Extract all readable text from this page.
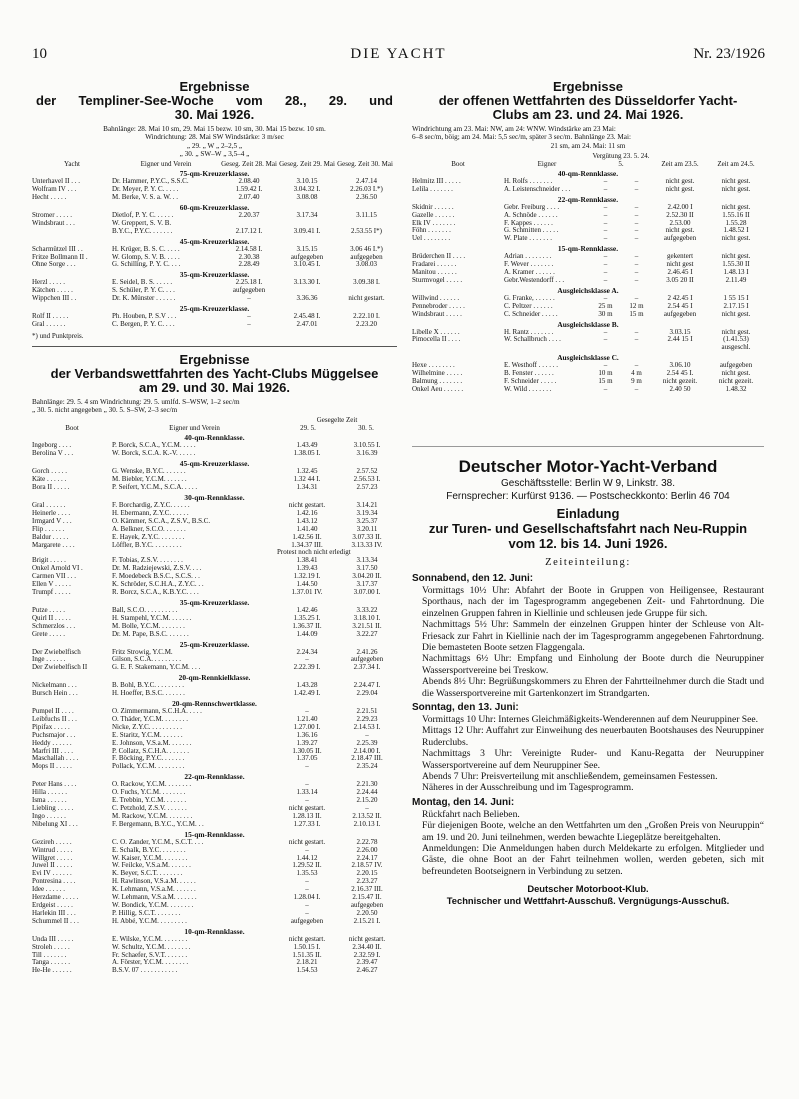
10	DIE YACHT	Nr. 23/1926
Ergebnisse
der Templiner-See-Woche vom 28., 29. und
30. Mai 1926.
Bahnlänge: 28. Mai 10 sm, 29. Mai 15 bezw. 10 sm, 30. Mai 15 bezw. 10 sm.
Windrichtung: 28. Mai SW Windstärke: 3 m/sec
„ 29. „ W „ 2–2,5 „
„ 30. „ SW–W „ 3,5–4 „
Yacht	Eigner und Verein	Geseg. Zeit 28. Mai Geseg. Zeit 29. Mai Geseg. Zeit 30. Mai
75-qm-Kreuzerklasse.
Unterhavel II . . .	Dr. Hammer, P.Y.C., S.S.C.	2.08.40	3.10.15	2.47.14
Wolfram IV . . .	Dr. Meyer, P. Y. C. . . . .	1.59.42 I.	3.04.32 I.	2.26.03 I.*)
Hecht . . . . .	M. Berke, V. S. a. W. . .	2.07.40	3.08.08	2.36.50
60-qm-Kreuzerklasse.
Stromer . . . . .	Dietlof, P. Y. C. . . . . .	2.20.37	3.17.34	3.11.15
Windsbraut . . .	W. Greppert, S. V. B.
B.Y.C., P.Y.C. . . . . . .	2.17.12 I.	3.09.41 I.	2.53.55 I*)
45-qm-Kreuzerklasse.
Scharmützel III . .	H. Krüger, B. S. C. . . . .	2.14.58 I.	3.15.15	3.06 46 I.*)
Fritze Bollmann II .	W. Glomp, S. V. B. . . . .	2.30.38	aufgegeben	aufgegeben
Ohne Sorge . . .	G. Schilling, P. Y. C. . . .	2.28.49	3.10.45 I.	3.08.03
35-qm-Kreuzerklasse.
Herzl . . . . .	E. Seidel, B. S. . . . . .	2.25.18 I.	3.13.30 I.	3.09.38 I.
Kätchen . . . . .	S. Schüler, P. Y. C. . . .	aufgegeben
Wippchen III . .	Dr. K. Münster . . . . . .	–	3.36.36	nicht gestart.
25-qm-Kreuzerklasse.
Rolf II . . . . .	Ph. Houben, P. S.V . . .	–	2.45.48 I.	2.22.10 I.
Gral . . . . . .	C. Bergen, P. Y. C. . . .	–	2.47.01	2.23.20
*) und Punktpreis.
Ergebnisse
der Verbandswettfahrten des Yacht-Clubs Müggelsee
am 29. und 30. Mai 1926.
Bahnlänge: 29. 5. 4 sm Windrichtung: 29. 5. umlfd. S–WSW, 1–2 sec/m
„ 30. 5. nicht angegeben „ 30. 5. S–SW, 2–3 sec/m
Boot	Eigner und Verein
Gesegelte Zeit
29. 5.	30. 5.
40-qm-Rennklasse.
Ingeborg . . . .	P. Borck, S.C.A., Y.C.M. . . . .	1.43.49	3.10.55 I.
Berolina V . . .	W. Borck, S.C.A. K.-V. . . . . .	1.38.05 I.	3.16.39
45-qm-Kreuzerklasse.
Gorch . . . . .	G. Wenske, B.Y.C. . . . . . .	1.32.45	2.57.52
Käte . . . . . .	M. Biebler, Y.C.M. . . . . . .	1.32 44 I.	2.56.53 I.
Bora II . . . . .	P. Seifert, Y.C.M., S.C.A. . . . .	1.34.31	2.57.23
30-qm-Rennklasse.
Gral . . . . . .	F. Borchardig, Z.Y.C. . . . . .	nicht gestart.	3.14.21
Heinerle . . . .	H. Ebermann, Z.Y.C. . . . . .	1.42.16	3.19.34
Irmgard V . . .	O. Kämmer, S.C.A., Z.S.V., B.S.C.	1.43.12	3.25.37
Flip . . . . . .	A. Belkner, S.C.O. . . . . . .	1.41.40	3.20.11
Baldur . . . . .	E. Hayek, Z.Y.C. . . . . . . .	1.42.56 II.	3.07.33 II.
Margarete . . . .	Löffler, B.Y.C. . . . . . . . .	1.34.37 III.	3.13.33 IV.
Protest noch nicht erledigt
Brigit . . . . .	F. Tobias, Z.S.V. . . . . . . .	1.38.41	3.13.34
Onkel Arnold VI .	Dr. M. Radziejewski, Z.S.V. . . .	1.39.43	3.17.50
Carmen VII . . .	F. Moedebeck B.S.C., S.C.S. . .	1.32.19 I.	3.04.20 II.
Ellen V . . . . .	K. Schröder, S.C.H.A., Z.Y.C. . .	1.44.50	3.17.37
Trumpf . . . . .	R. Borcz, S.C.A., K.B.Y.C. . . .	1.37.01 IV.	3.07.00 I.
35-qm-Kreuzerklasse.
Putze . . . . .	Ball, S.C.O. . . . . . . . . .	1.42.46	3.33.22
Quirl II . . . . .	H. Stampehl, Y.C.M. . . . . . .	1.35.25 I.	3.18.10 I.
Schmerzlos . . .	M. Bolle, Y.C.M. . . . . . . .	1.36.37 II.	3.21.51 II.
Grete . . . . .	Dr. M. Pape, B.S.C. . . . . . .	1.44.09	3.22.27
25-qm-Kreuzerklasse.
Der Zwiebelfisch	Fritz Strowig, Y.C.M.	2.24.34	2.41.26
Inge . . . . . .	Gilson, S.C.A. . . . . . . . .	–	aufgegeben
Der Zwiebelfisch II	G. E. F. Stakemann, Y.C.M. . . .	2.22.39 I.	2.37.34 I.
20-qm-Rennkielklasse.
Nickelmann . . .	B. Bohl, B.Y.C. . . . . . . . .	1.43.28	2.24.47 I.
Bursch Hein . . .	H. Hoeffer, B.S.C. . . . . . .	1.42.49 I.	2.29.04
20-qm-Rennschwertklasse.
Pumpel II . . . .	O. Zimmermann, S.C.H.A. . . . .	–	2.21.51
Leibfuchs II . . .	O. Thäder, Y.C.M. . . . . . . .	1.21.40	2.29.23
Pipifax . . . . .	Nicke, Z.Y.C. . . . . . . . . .	1.27.00 I.	2.14.53 I.
Puchsmajor . . .	E. Staritz, Y.C.M. . . . . . .	1.36.16	–
Heddy . . . . . .	E. Johnson, V.S.a.M. . . . . . .	1.39.27	2.25.39
Marfri III . . . .	P. Collatz, S.C.H.A. . . . . . .	1.30.05 II.	2.14.00 I.
Maschallah . . . .	F. Böcking, P.Y.C. . . . . . .	1.37.05	2.18.47 III.
Mops II . . . . .	Pollack, Y.C.M. . . . . . . . .	–	2.35.24
22-qm-Rennklasse.
Peter Hans . . . .	O. Rackow, Y.C.M. . . . . . . .	–	2.21.30
Hilla . . . . . .	O. Fuchs, Y.C.M. . . . . . . .	1.33.14	2.24.44
Isma . . . . . .	E. Trebbin, Y.C.M. . . . . . .	–	2.15.20
Liebling . . . . .	C. Petzhold, Z.S.V. . . . . . .	nicht gestart.	–
Ingo . . . . . .	M. Rackow, Y.C.M. . . . . . . .	1.28.13 II.	2.13.52 II.
Nibelung XI . . .	F. Bergemann, B.Y.C., Y.C.M. . .	1.27.33 I.	2.10.13 I.
15-qm-Rennklasse.
Gezireh . . . . .	C. O. Zander, Y.C.M., S.C.T. . . .	nicht gestart.	2.22.78
Wintrud . . . . .	E. Schalk, B.Y.C. . . . . . . .	–	2.26.00
Willgret . . . . .	W. Kaiser, Y.C.M. . . . . . . .	1.44.12	2.24.17
Juwel II . . . . .	W. Feilcke, V.S.a.M. . . . . . .	1.29.52 II.	2.18.57 IV.
Evi IV . . . . . .	K. Beyer, S.C.T. . . . . . . .	1.35.53	2.20.15
Pontresina . . . .	H. Rawlinson, V.S.a.M. . . . . .	–	2.23.27
Idee . . . . . .	K. Lehmann, V.S.a.M. . . . . . .	–	2.16.37 III.
Herzdame . . . . .	W. Lehmann, V.S.a.M. . . . . . .	1.28.04 I.	2.15.47 II.
Erdgeist . . . . .	W. Bondick, Y.C.M. . . . . . . .	–	aufgegeben
Harlekin III . . .	P. Hillig, S.C.T. . . . . . . .	–	2.20.50
Schummel II . . .	H. Abbé, Y.C.M. . . . . . . . .	aufgegeben	2.15.21 I.
10-qm-Rennklasse.
Unda III . . . . .	E. Wilske, Y.C.M. . . . . . . .	nicht gestart.	nicht gestart.
Stroleh . . . . .	W. Schultz, Y.C.M. . . . . . . .	1.50.15 I.	2.34.40 II.
Till . . . . . . .	Fr. Schaefer, S.V.T. . . . . . .	1.51.35 II.	2.32.59 I.
Tanga . . . . . .	A. Förster, Y.C.M. . . . . . . .	2.18.21	2.39.47
He-He . . . . . .	B.S.V. 07 . . . . . . . . . . .	1.54.53	2.46.27
Ergebnisse
der offenen Wettfahrten des Düsseldorfer Yacht-
Clubs am 23. und 24. Mai 1926.
Windrichtung am 23. Mai: NW, am 24: WNW. Windstärke am 23 Mai:
6–8 sec/m, böig; am 24. Mai: 5,5 sec/m, später 3 sec/m. Bahnlänge 23. Mai:
21 sm, am 24. Mai: 11 sm
Boot	Eigner
Vergütung 23. 5. 24. 5.	Zeit am 23.5.	Zeit am 24.5.
40-qm-Rennklasse.
Helmitz III . . . . .	H. Rolfs . . . . . . .	–	–	nicht gest.	nicht gest.
Lelila . . . . . . .	A. Leistenschneider . . .	–	–	nicht gest.	nicht gest.
22-qm-Rennklasse.
Skidnir . . . . . .	Gebr. Freiburg . . . .	–	–	2.42.00 I	nicht gest.
Gazelle . . . . . .	A. Schnöde . . . . . .	–	–	2.52.30 II	1.55.16 II
Elk IV . . . . . . .	F. Kappes . . . . . .	–	–	2.53.00	1.55.28
Föhn . . . . . . .	G. Schmitten . . . . .	–	–	nicht gest.	1.48.52 I
Uel . . . . . . . .	W. Plate . . . . . . .	–	–	aufgegeben	nicht gest.
15-qm-Rennklasse.
Brüderchen II . . . .	Adrian . . . . . . . .	–	–	gekentert	nicht gest.
Fradarei . . . . . .	F. Wever . . . . . . .	–	–	nicht gest	1.55.30 II
Manitou . . . . . .	A. Kramer . . . . . .	–	–	2.46.45 I	1.48.13 I
Sturmvogel . . . . .	Gebr.Westendorff . . .	–	–	3.05 20 II	2.11.49
Ausgleichsklasse A.
Willwind . . . . . .	G. Franke, . . . . . .	–	–	2 42.45 I	1 55 15 I
Pennebroder . . . . .	C. Peltzer . . . . . .	25 m	12 m	2.54 45 I	2.17.15 I
Windsbraut . . . . .	C. Schneider . . . . .	30 m	15 m	aufgegeben	nicht gest.
Ausgleichsklasse B.
Libelle X . . . . . .	H. Rantz . . . . . . .	–	–	3.03.15	nicht gest.
Pimocella II . . . .	W. Schallbruch . . . .	–	–	2.44 15 I	(1.41.53)
ausgeschl.
Ausgleichsklasse C.
Hexe . . . . . . . .	E. Westhoff . . . . . .	–	–	3.06.10	aufgegeben
Wilhelmine . . . . .	B. Fenster . . . . . .	10 m	4 m	2.54 45 I.	nicht gest.
Balmung . . . . . . .	F. Schneider . . . . .	15 m	9 m	nicht gezeit.	nicht gezeit.
Onkel Aeu . . . . . .	W. Wild . . . . . . .	–	–	2.40 50	1.48.32
Deutscher Motor-Yacht-Verband
Geschäftsstelle: Berlin W 9, Linkstr. 38.
Fernsprecher: Kurfürst 9136. — Postscheckkonto: Berlin 46 704
Einladung
zur Turen- und Gesellschaftsfahrt nach Neu-Ruppin
vom 12. bis 14. Juni 1926.
Zeiteinteilung:
Sonnabend, den 12. Juni:
Vormittags 10½ Uhr: Abfahrt der Boote in Gruppen von Heiligensee, Restaurant Sporthaus, nach der im Tagesprogramm angegebenen Zeit- und Fahrtordnung. Die einzelnen Gruppen fahren in Kiellinie und schleusen jede Gruppe für sich.
Nachmittags 5½ Uhr: Sammeln der einzelnen Gruppen hinter der Schleuse von Alt-Friesack zur Fahrt in Kiellinie nach der im Tagesprogramm angegebenen Fahrtordnung. Die bemasteten Boote setzen Flaggengala.
Nachmittags 6½ Uhr: Empfang und Einholung der Boote durch die Neuruppiner Wassersportvereine bei Treskow.
Abends 8½ Uhr: Begrüßungskommers zu Ehren der Fahrtteilnehmer durch die Stadt und die Wassersportvereine mit Gartenkonzert im Strandgarten.
Sonntag, den 13. Juni:
Vormittags 10 Uhr: Internes Gleichmäßigkeits-Wenderennen auf dem Neuruppiner See.
Mittags 12 Uhr: Auffahrt zur Einweihung des neuerbauten Bootshauses des Neuruppiner Ruderclubs.
Nachmittags 3 Uhr: Vereinigte Ruder- und Kanu-Regatta der Neuruppiner Wassersportvereine auf dem Neuruppiner See.
Abends 7 Uhr: Preisverteilung mit anschließendem, gemeinsamen Festessen.
Näheres in der Ausschreibung und im Tagesprogramm.
Montag, den 14. Juni:
Rückfahrt nach Belieben.
Für diejenigen Boote, welche an den Wettfahrten um den „Großen Preis von Neuruppin“ am 19. und 20. Juni teilnehmen, werden bewachte Liegeplätze bereitgehalten.
Anmeldungen: Die Anmeldungen haben durch Meldekarte zu erfolgen. Mitglieder und Gäste, die ohne Boot an der Fahrt teilnehmen wollen, werden gebeten, sich mit befreundeten Bootseignern in Verbindung zu setzen.
Deutscher Motorboot-Klub.
Technischer und Wettfahrt-Ausschuß. Vergnügungs-Ausschuß.
